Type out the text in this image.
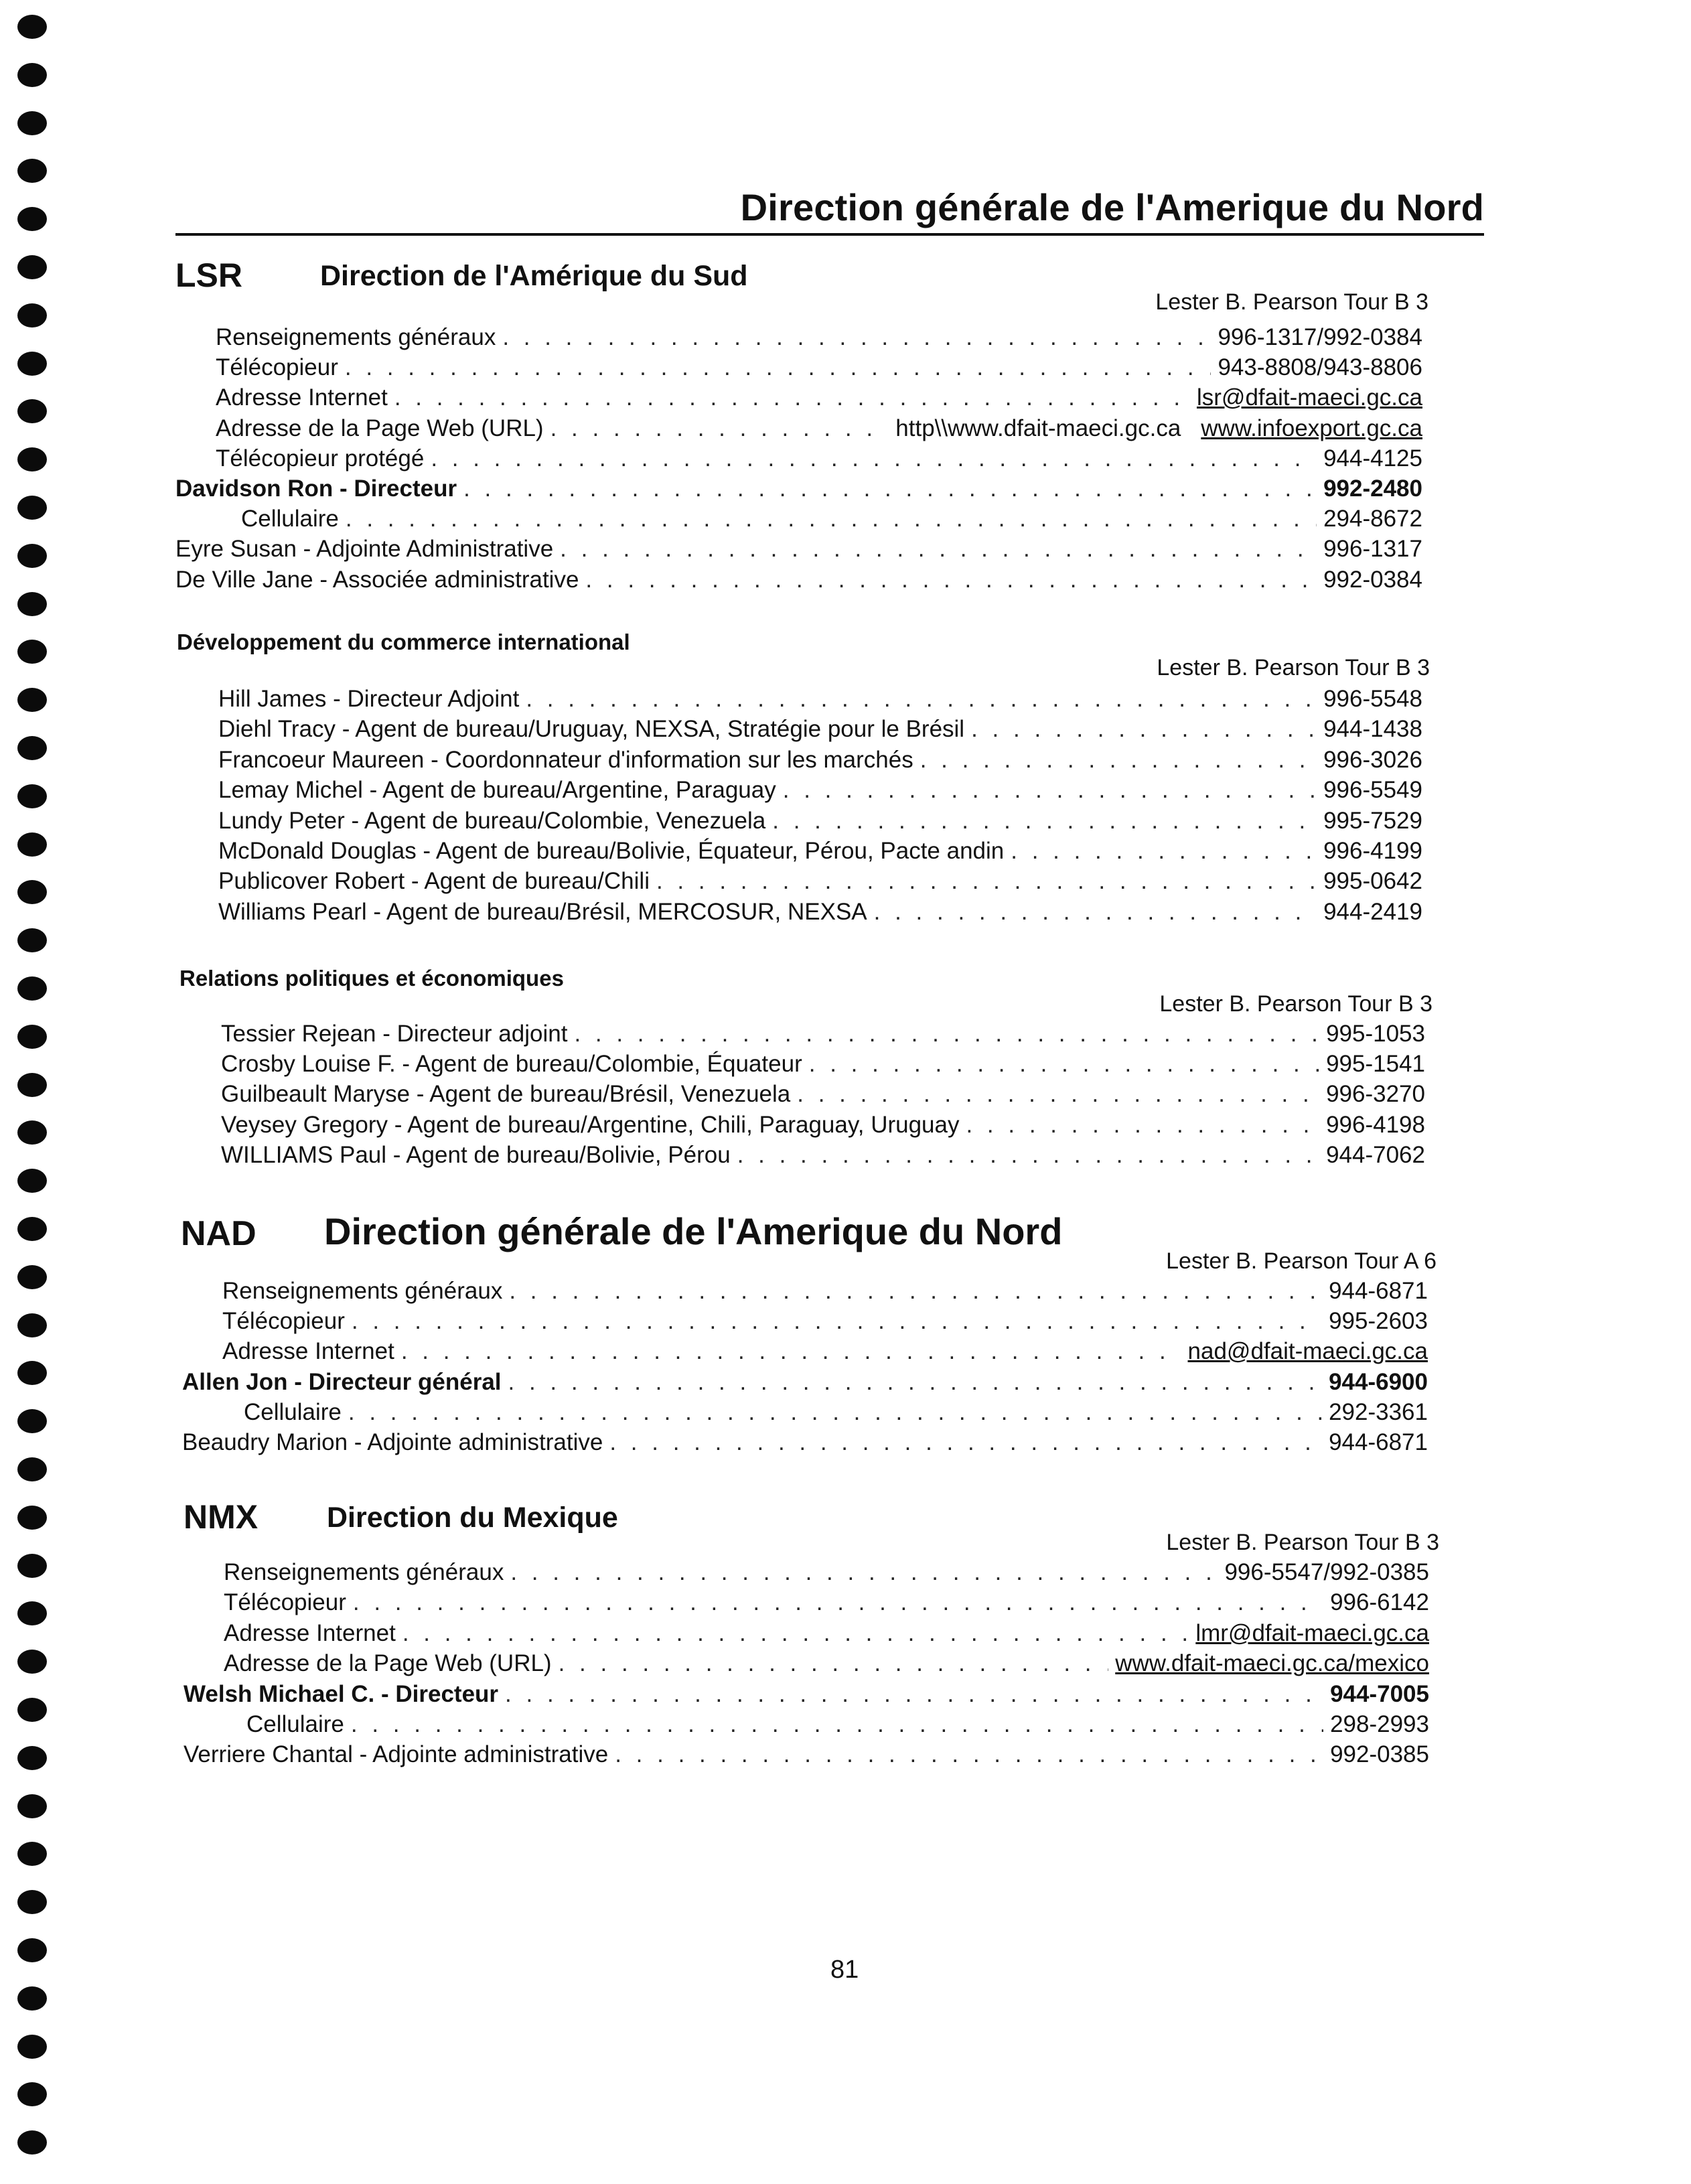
Direction générale de l'Amerique du Nord
LSR	Direction de l'Amérique du Sud
Lester B. Pearson Tour B 3
Renseignements généraux . . .	996-1317/992-0384
Télécopieur . . .	943-8808/943-8806
Adresse Internet . . .	lsr@dfait-maeci.gc.ca
Adresse de la Page Web (URL) . . .	http\\www.dfait-maeci.gc.ca www.infoexport.gc.ca
Télécopieur protégé . . .	944-4125
Davidson Ron - Directeur . . .	992-2480
Cellulaire . . .	294-8672
Eyre Susan - Adjointe Administrative . . .	996-1317
De Ville Jane - Associée administrative . . .	992-0384
Développement du commerce international
Lester B. Pearson Tour B 3
Hill James - Directeur Adjoint . . .	996-5548
Diehl Tracy - Agent de bureau/Uruguay, NEXSA, Stratégie pour le Brésil . . .	944-1438
Francoeur Maureen - Coordonnateur d'information sur les marchés . . .	996-3026
Lemay Michel - Agent de bureau/Argentine, Paraguay . . .	996-5549
Lundy Peter - Agent de bureau/Colombie, Venezuela . . .	995-7529
McDonald Douglas - Agent de bureau/Bolivie, Équateur, Pérou, Pacte andin . . .	996-4199
Publicover Robert - Agent de bureau/Chili . . .	995-0642
Williams Pearl - Agent de bureau/Brésil, MERCOSUR, NEXSA . . .	944-2419
Relations politiques et économiques
Lester B. Pearson Tour B 3
Tessier Rejean - Directeur adjoint . . .	995-1053
Crosby Louise F. - Agent de bureau/Colombie, Équateur . . .	995-1541
Guilbeault Maryse - Agent de bureau/Brésil, Venezuela . . .	996-3270
Veysey Gregory - Agent de bureau/Argentine, Chili, Paraguay, Uruguay . . .	996-4198
WILLIAMS Paul - Agent de bureau/Bolivie, Pérou . . .	944-7062
NAD Direction générale de l'Amerique du Nord
Lester B. Pearson Tour A 6
Renseignements généraux . . .	944-6871
Télécopieur . . .	995-2603
Adresse Internet . . .	nad@dfait-maeci.gc.ca
Allen Jon - Directeur général . . .	944-6900
Cellulaire . . .	292-3361
Beaudry Marion - Adjointe administrative . . .	944-6871
NMX Direction du Mexique
Lester B. Pearson Tour B 3
Renseignements généraux . . .	996-5547/992-0385
Télécopieur . . .	996-6142
Adresse Internet . . .	lmr@dfait-maeci.gc.ca
Adresse de la Page Web (URL) . . .	www.dfait-maeci.gc.ca/mexico
Welsh Michael C. - Directeur . . .	944-7005
Cellulaire . . .	298-2993
Verriere Chantal - Adjointe administrative . . .	992-0385
81
